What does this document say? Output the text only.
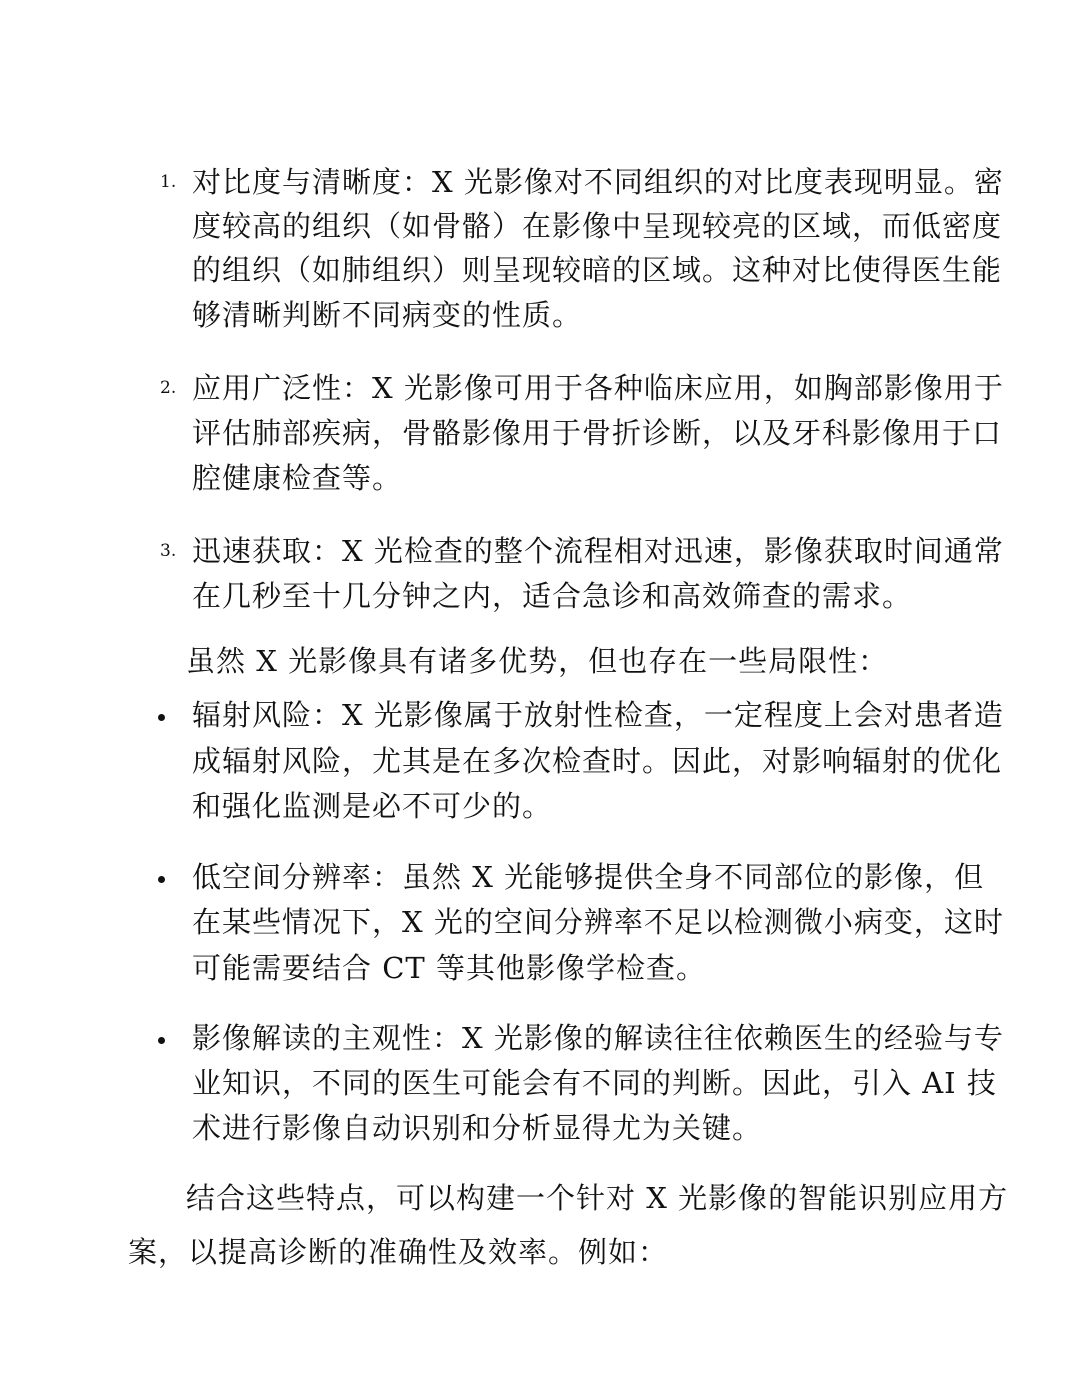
1. 对比度与清晰度：X 光影像对不同组织的对比度表现明显。密
度较高的组织（如骨骼）在影像中呈现较亮的区域，而低密度
的组织（如肺组织）则呈现较暗的区域。这种对比使得医生能
够清晰判断不同病变的性质。
2. 应用广泛性：X 光影像可用于各种临床应用，如胸部影像用于
评估肺部疾病，骨骼影像用于骨折诊断，以及牙科影像用于口
腔健康检查等。
3. 迅速获取：X 光检查的整个流程相对迅速，影像获取时间通常
在几秒至十几分钟之内，适合急诊和高效筛查的需求。
虽然 X 光影像具有诸多优势，但也存在一些局限性：
辐射风险：X 光影像属于放射性检查，一定程度上会对患者造
成辐射风险，尤其是在多次检查时。因此，对影响辐射的优化
和强化监测是必不可少的。
低空间分辨率：虽然 X 光能够提供全身不同部位的影像，但
在某些情况下，X 光的空间分辨率不足以检测微小病变，这时
可能需要结合 CT 等其他影像学检查。
影像解读的主观性：X 光影像的解读往往依赖医生的经验与专
业知识，不同的医生可能会有不同的判断。因此，引入 AI 技
术进行影像自动识别和分析显得尤为关键。
结合这些特点，可以构建一个针对 X 光影像的智能识别应用方
案，以提高诊断的准确性及效率。例如：
